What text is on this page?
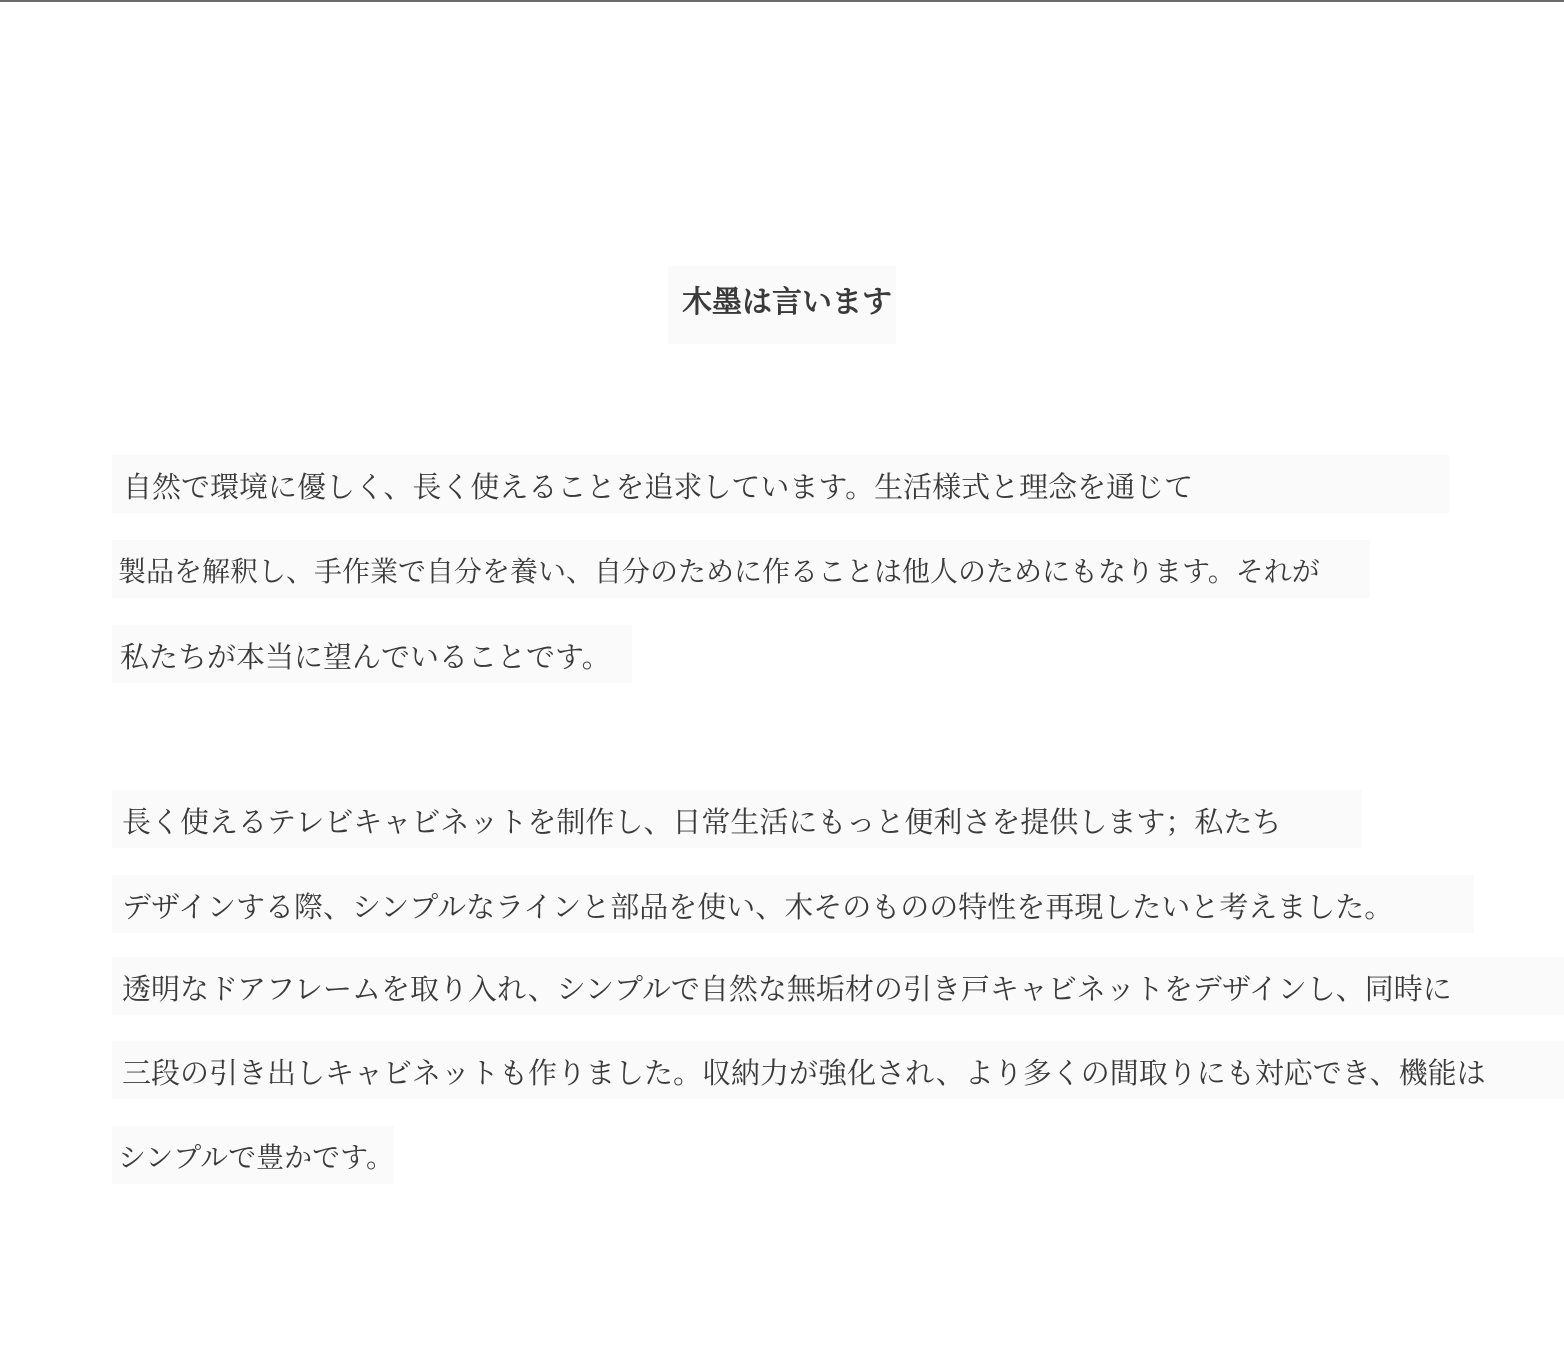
木墨は言います
自然で環境に優しく、長く使えることを追求しています。生活様式と理念を通じて
製品を解釈し、手作業で自分を養い、自分のために作ることは他人のためにもなります。それが
私たちが本当に望んでいることです。
長く使えるテレビキャビネットを制作し、日常生活にもっと便利さを提供します；私たち
デザインする際、シンプルなラインと部品を使い、木そのものの特性を再現したいと考えました。
透明なドアフレームを取り入れ、シンプルで自然な無垢材の引き戸キャビネットをデザインし、同時に
三段の引き出しキャビネットも作りました。収納力が強化され、より多くの間取りにも対応でき、機能は
シンプルで豊かです。
